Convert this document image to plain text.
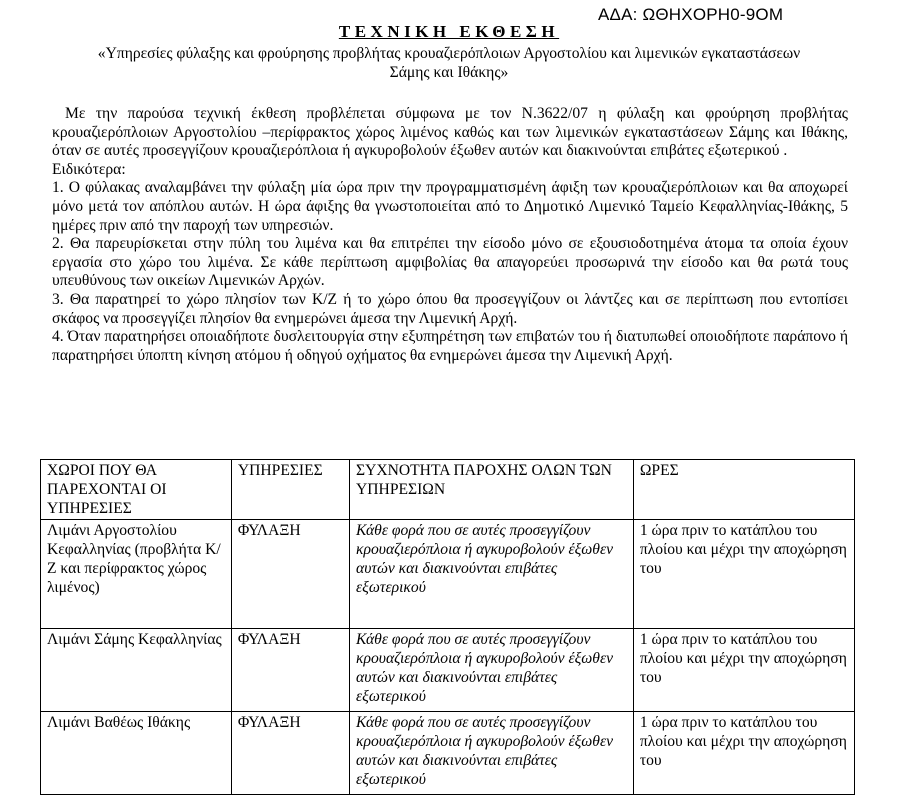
ΑΔΑ: ΩΘΗΧΟΡΗ0-9ΟΜ
ΤΕΧΝΙΚΗ ΕΚΘΕΣΗ
«Υπηρεσίες φύλαξης και φρούρησης προβλήτας κρουαζιερόπλοιων Αργοστολίου και λιμενικών εγκαταστάσεων Σάμης και Ιθάκης»

Με την παρούσα τεχνική έκθεση προβλέπεται σύμφωνα με τον Ν.3622/07 η φύλαξη και φρούρηση προβλήτας κρουαζιερόπλοιων Αργοστολίου –περίφρακτος χώρος λιμένος καθώς και των λιμενικών εγκαταστάσεων Σάμης και Ιθάκης, όταν σε αυτές προσεγγίζουν κρουαζιερόπλοια ή αγκυροβολούν έξωθεν αυτών και διακινούνται επιβάτες εξωτερικού .

Ειδικότερα:

1. Ο φύλακας αναλαμβάνει την φύλαξη μία ώρα πριν την προγραμματισμένη άφιξη των κρουαζιερόπλοιων και θα αποχωρεί μόνο μετά τον απόπλου αυτών. Η ώρα άφιξης θα γνωστοποιείται από το Δημοτικό Λιμενικό Ταμείο Κεφαλληνίας-Ιθάκης, 5 ημέρες πριν από την παροχή των υπηρεσιών.

2. Θα παρευρίσκεται στην πύλη του λιμένα και θα επιτρέπει την είσοδο μόνο σε εξουσιοδοτημένα άτομα τα οποία έχουν εργασία στο χώρο του λιμένα. Σε κάθε περίπτωση αμφιβολίας θα απαγορεύει προσωρινά την είσοδο και θα ρωτά τους υπευθύνους των οικείων Λιμενικών Αρχών.

3. Θα παρατηρεί το χώρο πλησίον των Κ/Ζ ή το χώρο όπου θα προσεγγίζουν οι λάντζες και σε περίπτωση που εντοπίσει σκάφος να προσεγγίζει πλησίον θα ενημερώνει άμεσα την Λιμενική Αρχή.

4. Όταν παρατηρήσει οποιαδήποτε δυσλειτουργία στην εξυπηρέτηση των επιβατών του ή διατυπωθεί οποιοδήποτε παράπονο ή παρατηρήσει ύποπτη κίνηση ατόμου ή οδηγού οχήματος θα ενημερώνει άμεσα την Λιμενική Αρχή.

ΧΩΡΟΙ ΠΟΥ ΘΑ ΠΑΡΕΧΟΝΤΑΙ ΟΙ ΥΠΗΡΕΣΙΕΣ	ΥΠΗΡΕΣΙΕΣ	ΣΥΧΝΟΤΗΤΑ ΠΑΡΟΧΗΣ ΟΛΩΝ ΤΩΝ ΥΠΗΡΕΣΙΩΝ	ΩΡΕΣ
Λιμάνι Αργοστολίου Κεφαλληνίας (προβλήτα Κ/Ζ και περίφρακτος χώρος λιμένος)	ΦΥΛΑΞΗ	Κάθε φορά που σε αυτές προσεγγίζουν κρουαζιερόπλοια ή αγκυροβολούν έξωθεν αυτών και διακινούνται επιβάτες εξωτερικού	1 ώρα πριν το κατάπλου του πλοίου και μέχρι την αποχώρηση του
Λιμάνι Σάμης Κεφαλληνίας	ΦΥΛΑΞΗ	Κάθε φορά που σε αυτές προσεγγίζουν κρουαζιερόπλοια ή αγκυροβολούν έξωθεν αυτών και διακινούνται επιβάτες εξωτερικού	1 ώρα πριν το κατάπλου του πλοίου και μέχρι την αποχώρηση του
Λιμάνι Βαθέως Ιθάκης	ΦΥΛΑΞΗ	Κάθε φορά που σε αυτές προσεγγίζουν κρουαζιερόπλοια ή αγκυροβολούν έξωθεν αυτών και διακινούνται επιβάτες εξωτερικού	1 ώρα πριν το κατάπλου του πλοίου και μέχρι την αποχώρηση του
